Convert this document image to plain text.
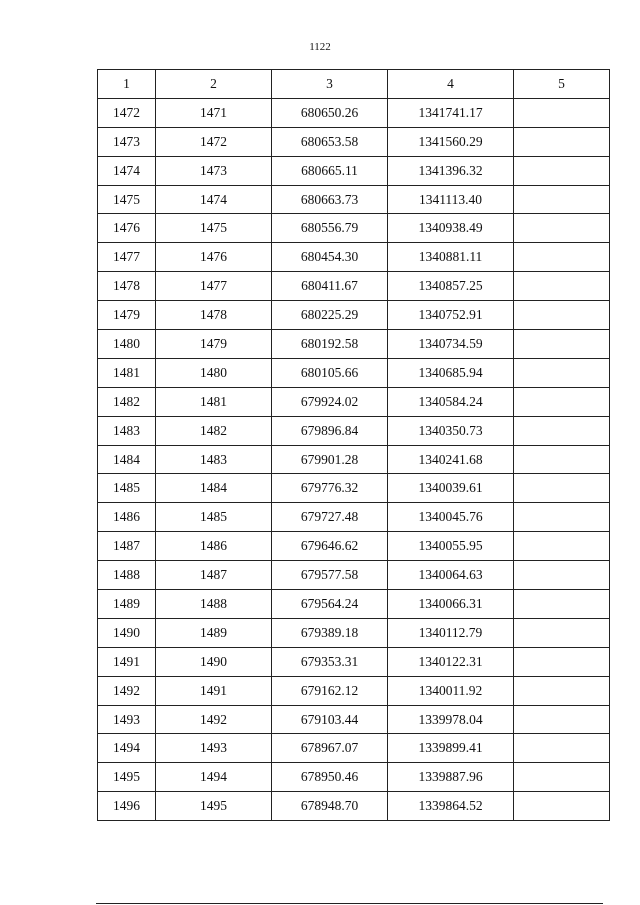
1122
1	2	3	4	5
1472	1471	680650.26	1341741.17	
1473	1472	680653.58	1341560.29	
1474	1473	680665.11	1341396.32	
1475	1474	680663.73	1341113.40	
1476	1475	680556.79	1340938.49	
1477	1476	680454.30	1340881.11	
1478	1477	680411.67	1340857.25	
1479	1478	680225.29	1340752.91	
1480	1479	680192.58	1340734.59	
1481	1480	680105.66	1340685.94	
1482	1481	679924.02	1340584.24	
1483	1482	679896.84	1340350.73	
1484	1483	679901.28	1340241.68	
1485	1484	679776.32	1340039.61	
1486	1485	679727.48	1340045.76	
1487	1486	679646.62	1340055.95	
1488	1487	679577.58	1340064.63	
1489	1488	679564.24	1340066.31	
1490	1489	679389.18	1340112.79	
1491	1490	679353.31	1340122.31	
1492	1491	679162.12	1340011.92	
1493	1492	679103.44	1339978.04	
1494	1493	678967.07	1339899.41	
1495	1494	678950.46	1339887.96	
1496	1495	678948.70	1339864.52	
